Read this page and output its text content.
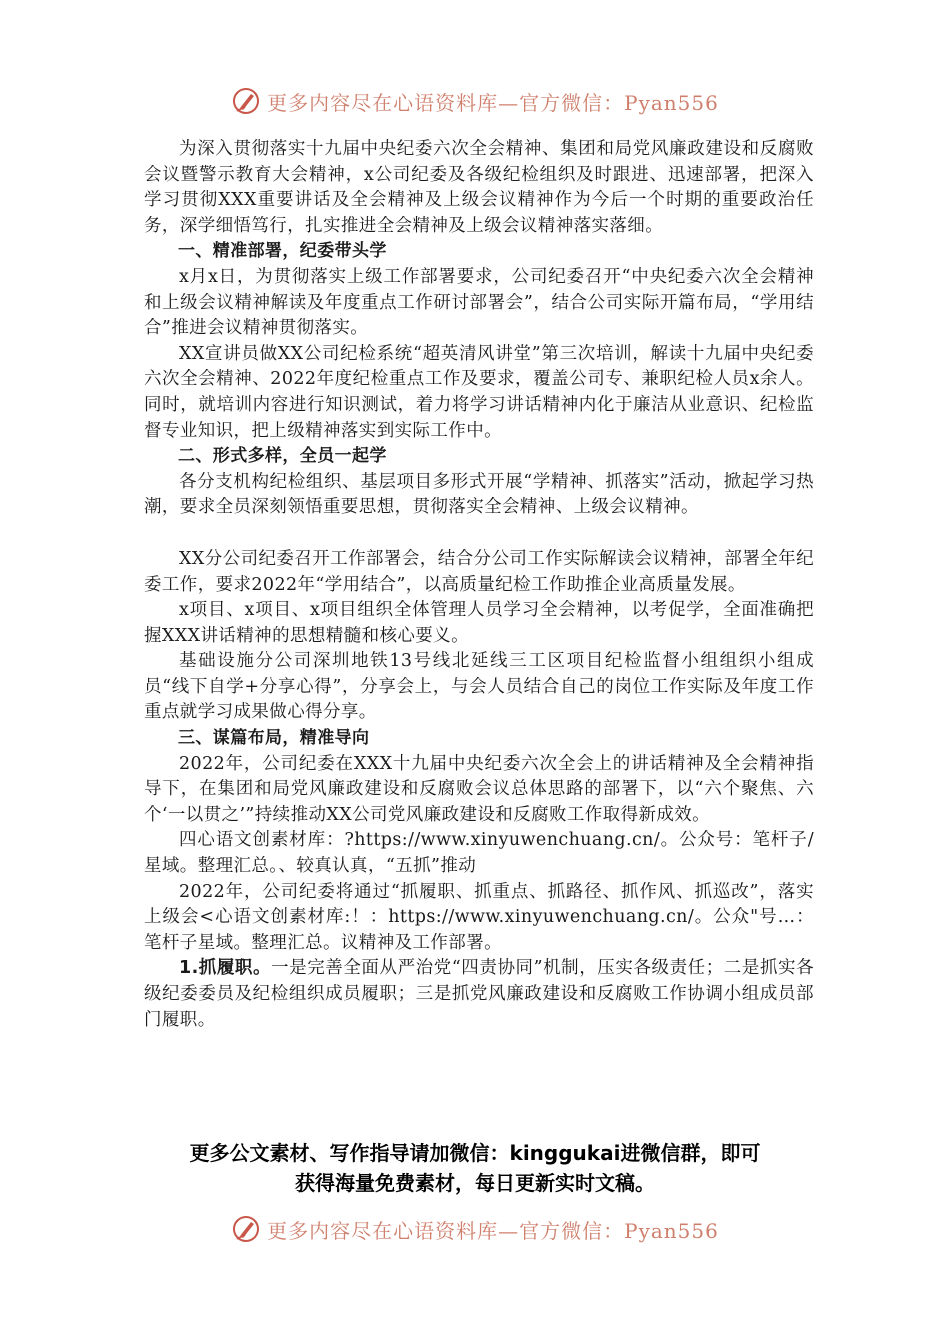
更多内容尽在心语资料库—官方微信：Pyan556

为深入贯彻落实十九届中央纪委六次全会精神、集团和局党风廉政建设和反腐败会议暨警示教育大会精神，x公司纪委及各级纪检组织及时跟进、迅速部署，把深入学习贯彻XXX重要讲话及全会精神及上级会议精神作为今后一个时期的重要政治任务，深学细悟笃行，扎实推进全会精神及上级会议精神落实落细。

一、精准部署，纪委带头学

x月x日，为贯彻落实上级工作部署要求，公司纪委召开“中央纪委六次全会精神和上级会议精神解读及年度重点工作研讨部署会”，结合公司实际开篇布局，“学用结合”推进会议精神贯彻落实。

XX宣讲员做XX公司纪检系统“超英清风讲堂”第三次培训，解读十九届中央纪委六次全会精神、2022年度纪检重点工作及要求，覆盖公司专、兼职纪检人员x余人。同时，就培训内容进行知识测试，着力将学习讲话精神内化于廉洁从业意识、纪检监督专业知识，把上级精神落实到实际工作中。

二、形式多样，全员一起学

各分支机构纪检组织、基层项目多形式开展“学精神、抓落实”活动，掀起学习热潮，要求全员深刻领悟重要思想，贯彻落实全会精神、上级会议精神。

XX分公司纪委召开工作部署会，结合分公司工作实际解读会议精神，部署全年纪委工作，要求2022年“学用结合”，以高质量纪检工作助推企业高质量发展。

x项目、x项目、x项目组织全体管理人员学习全会精神，以考促学，全面准确把握XXX讲话精神的思想精髓和核心要义。

基础设施分公司深圳地铁13号线北延线三工区项目纪检监督小组组织小组成员“线下自学+分享心得”，分享会上，与会人员结合自己的岗位工作实际及年度工作重点就学习成果做心得分享。

三、谋篇布局，精准导向

2022年，公司纪委在XXX十九届中央纪委六次全会上的讲话精神及全会精神指导下，在集团和局党风廉政建设和反腐败会议总体思路的部署下，以“六个聚焦、六个‘一以贯之’”持续推动XX公司党风廉政建设和反腐败工作取得新成效。

四心语文创素材库：?https://www.xinyuwenchuang.cn/。公众号：笔杆子/星域。整理汇总。、较真认真，“五抓”推动

2022年，公司纪委将通过“抓履职、抓重点、抓路径、抓作风、抓巡改”，落实上级会<心语文创素材库:！：https://www.xinyuwenchuang.cn/。公众"号…：笔杆子星域。整理汇总。议精神及工作部署。

1.抓履职。一是完善全面从严治党“四责协同”机制，压实各级责任；二是抓实各级纪委委员及纪检组织成员履职；三是抓党风廉政建设和反腐败工作协调小组成员部门履职。

更多公文素材、写作指导请加微信：kinggukai进微信群，即可
获得海量免费素材，每日更新实时文稿。
更多内容尽在心语资料库—官方微信：Pyan556
